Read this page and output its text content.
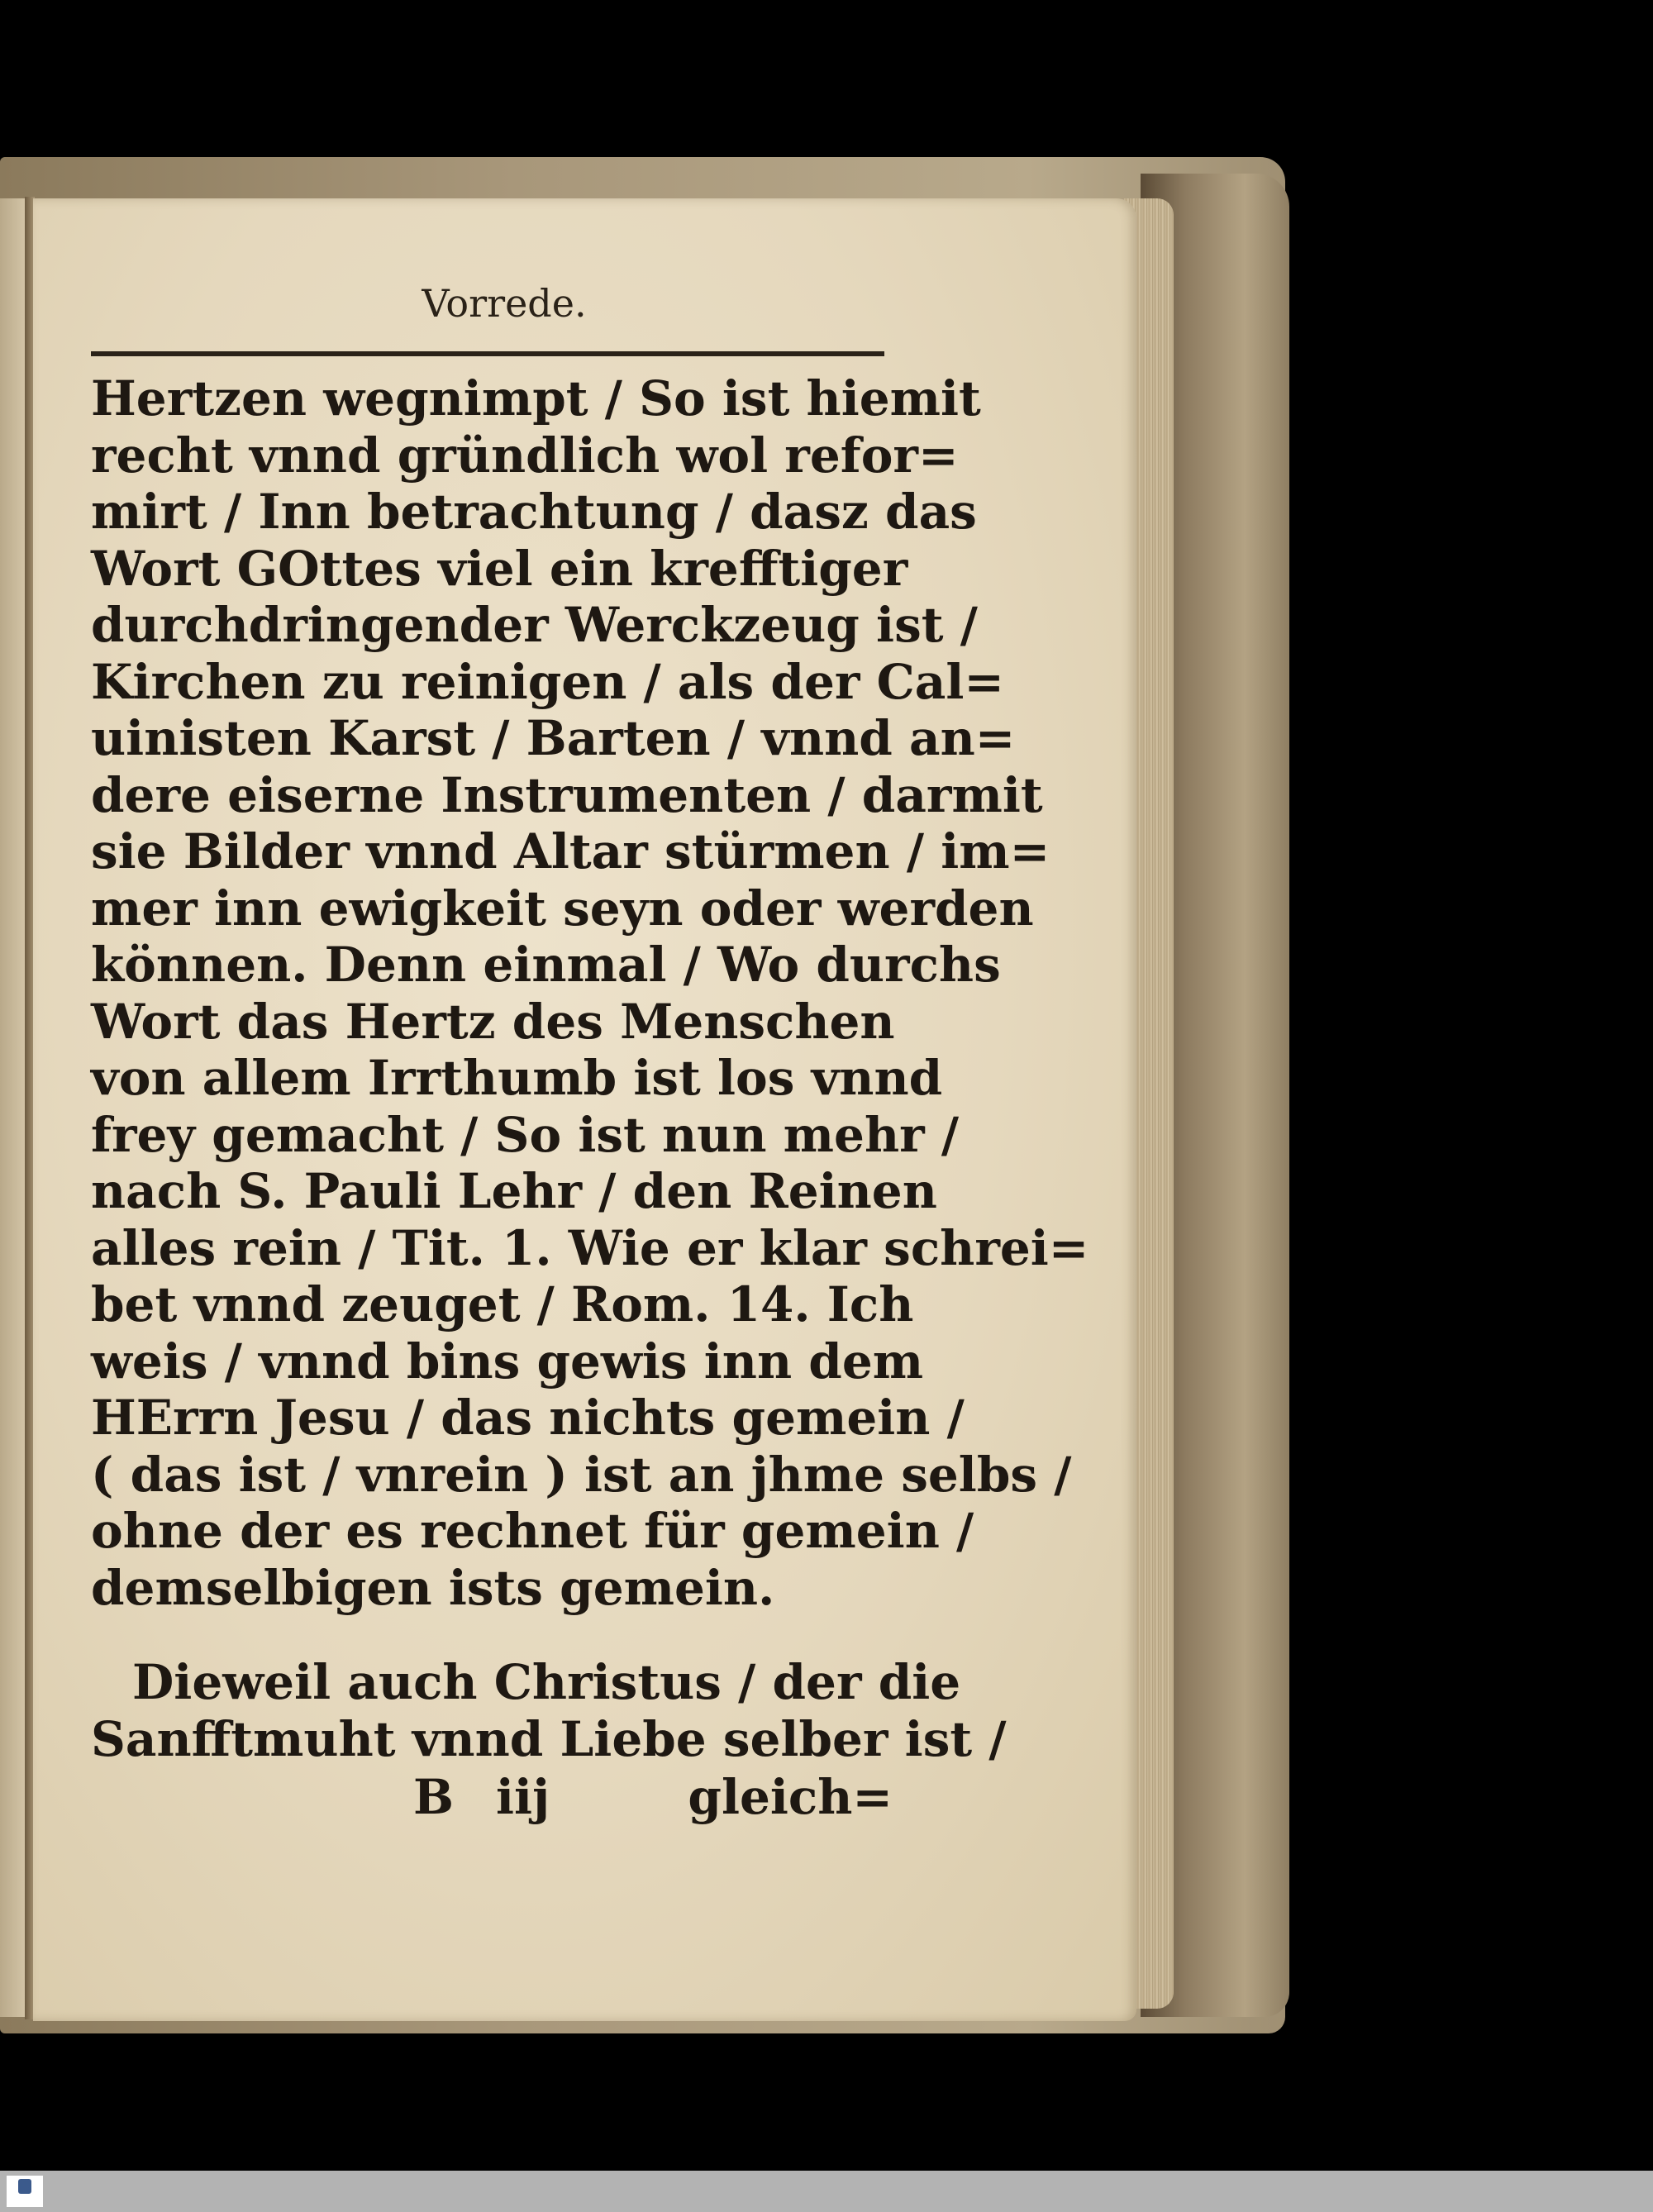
Vorrede.
Hertzen wegnimpt / So ist hiemit
recht vnnd gründlich wol refor=
mirt / Inn betrachtung / dasz das
Wort GOttes viel ein krefftiger
durchdringender Werckzeug ist /
Kirchen zu reinigen / als der Cal=
uinisten Karst / Barten / vnnd an=
dere eiserne Instrumenten / darmit
sie Bilder vnnd Altar stürmen / im=
mer inn ewigkeit seyn oder werden
können. Denn einmal / Wo durchs
Wort das Hertz des Menschen
von allem Irrthumb ist los vnnd
frey gemacht / So ist nun mehr /
nach S. Pauli Lehr / den Reinen
alles rein / Tit. 1. Wie er klar schrei=
bet vnnd zeuget / Rom. 14. Ich
weis / vnnd bins gewis inn dem
HErrn Jesu / das nichts gemein /
( das ist / vnrein ) ist an jhme selbs /
ohne der es rechnet für gemein /
demselbigen ists gemein.
Dieweil auch Christus / der die
Sanfftmuht vnnd Liebe selber ist /
B iij	gleich=
